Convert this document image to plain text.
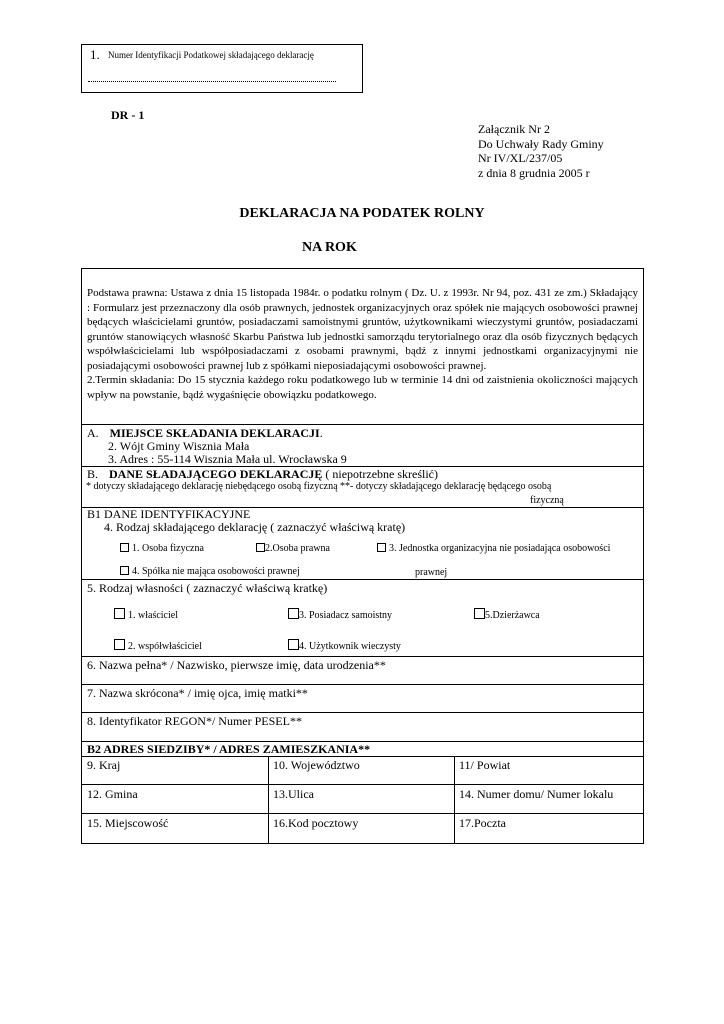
1. Numer Identyfikacji Podatkowej składającego deklarację
DR - 1
Załącznik Nr 2
Do Uchwały Rady Gminy
Nr IV/XL/237/05
z dnia 8 grudnia 2005 r
DEKLARACJA NA PODATEK ROLNY
NA ROK
Podstawa prawna: Ustawa z dnia 15 listopada 1984r. o podatku rolnym ( Dz. U. z 1993r. Nr 94, poz. 431 ze zm.) Składający : Formularz jest przeznaczony dla osób prawnych, jednostek organizacyjnych oraz spółek nie mających osobowości prawnej będących właścicielami gruntów, posiadaczami samoistnymi gruntów, użytkownikami wieczystymi gruntów, posiadaczami gruntów stanowiących własność Skarbu Państwa lub jednostki samorządu terytorialnego oraz dla osób fizycznych będących współwłaścicielami lub współposiadaczami z osobami prawnymi, bądź z innymi jednostkami organizacyjnymi nie posiadającymi osobowości prawnej lub z spółkami nieposiadającymi osobowości prawnej.
2.Termin składania: Do 15 stycznia każdego roku podatkowego lub w terminie 14 dni od zaistnienia okoliczności mających wpływ na powstanie, bądź wygaśnięcie obowiązku podatkowego.
A. MIEJSCE SKŁADANIA DEKLARACJI.
2. Wójt Gminy Wisznia Mała
3. Adres : 55-114 Wisznia Mała ul. Wrocławska 9
B. DANE SŁADAJĄCEGO DEKLARACJĘ ( niepotrzebne skreślić)
* dotyczy składającego deklarację niebędącego osobą fizyczną **- dotyczy składającego deklarację będącego osobą
fizyczną
B1 DANE IDENTYFIKACYJNE
4. Rodzaj składającego deklarację ( zaznaczyć właściwą kratę)
1. Osoba fizyczna	2.Osoba prawna	3. Jednostka organizacyjna nie posiadająca osobowości
4. Spółka nie mająca osobowości prawnej	prawnej
5. Rodzaj własności ( zaznaczyć właściwą kratkę)
1. właściciel	3. Posiadacz samoistny	5.Dzierżawca
2. współwłaściciel	4. Użytkownik wieczysty
6. Nazwa pełna* / Nazwisko, pierwsze imię, data urodzenia**
7. Nazwa skrócona* / imię ojca, imię matki**
8. Identyfikator REGON*/ Numer PESEL**
B2 ADRES SIEDZIBY* / ADRES ZAMIESZKANIA**
9. Kraj	10. Województwo	11/ Powiat
12. Gmina	13.Ulica	14. Numer domu/ Numer lokalu
15. Miejscowość	16.Kod pocztowy	17.Poczta
